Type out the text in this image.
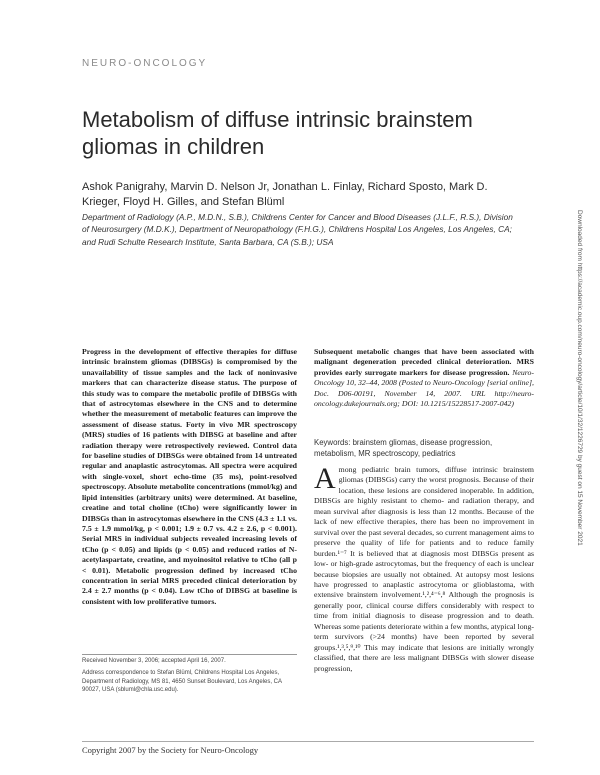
NEURO-ONCOLOGY
Metabolism of diffuse intrinsic brainstem gliomas in children
Ashok Panigrahy, Marvin D. Nelson Jr, Jonathan L. Finlay, Richard Sposto, Mark D. Krieger, Floyd H. Gilles, and Stefan Blüml
Department of Radiology (A.P., M.D.N., S.B.), Childrens Center for Cancer and Blood Diseases (J.L.F., R.S.), Division of Neurosurgery (M.D.K.), Department of Neuropathology (F.H.G.), Childrens Hospital Los Angeles, Los Angeles, CA; and Rudi Schulte Research Institute, Santa Barbara, CA (S.B.); USA	Downloaded from https://academic.oup.com/neuro-oncology/article/10/1/32/1226729 by guest on 15 November 2021
Progress in the development of effective therapies for diffuse intrinsic brainstem gliomas (DIBSGs) is compromised by the unavailability of tissue samples and the lack of noninvasive markers that can characterize disease status. The purpose of this study was to compare the metabolic profile of DIBSGs with that of astrocytomas elsewhere in the CNS and to determine whether the measurement of metabolic features can improve the assessment of disease status. Forty in vivo MR spectroscopy (MRS) studies of 16 patients with DIBSG at baseline and after radiation therapy were retrospectively reviewed. Control data for baseline studies of DIBSGs were obtained from 14 untreated regular and anaplastic astrocytomas. All spectra were acquired with single-voxel, short echo-time (35 ms), point-resolved spectroscopy. Absolute metabolite concentrations (mmol/kg) and lipid intensities (arbitrary units) were determined. At baseline, creatine and total choline (tCho) were significantly lower in DIBSGs than in astrocytomas elsewhere in the CNS (4.3 ± 1.1 vs. 7.5 ± 1.9 mmol/kg, p < 0.001; 1.9 ± 0.7 vs. 4.2 ± 2.6, p < 0.001). Serial MRS in individual subjects revealed increasing levels of tCho (p < 0.05) and lipids (p < 0.05) and reduced ratios of N-acetylaspartate, creatine, and myoinositol relative to tCho (all p < 0.01). Metabolic progression defined by increased tCho concentration in serial MRS preceded clinical deterioration by 2.4 ± 2.7 months (p < 0.04). Low tCho of DIBSG at baseline is consistent with low proliferative tumors.
Subsequent metabolic changes that have been associated with malignant degeneration preceded clinical deterioration. MRS provides early surrogate markers for disease progression. Neuro-Oncology 10, 32–44, 2008 (Posted to Neuro-Oncology [serial online], Doc. D06-00191, November 14, 2007. URL http://neuro-oncology.dukejournals.org; DOI: 10.1215/15228517-2007-042)
Keywords: brainstem gliomas, disease progression, metabolism, MR spectroscopy, pediatrics
Among pediatric brain tumors, diffuse intrinsic brainstem gliomas (DIBSGs) carry the worst prognosis. Because of their location, these lesions are considered inoperable. In addition, DIBSGs are highly resistant to chemo- and radiation therapy, and mean survival after diagnosis is less than 12 months. Because of the lack of new effective therapies, there has been no improvement in survival over the past several decades, so current management aims to preserve the quality of life for patients and to reduce family burden.¹⁻⁷ It is believed that at diagnosis most DIBSGs present as low- or high-grade astrocytomas, but the frequency of each is unclear because biopsies are usually not obtained. At autopsy most lesions have progressed to anaplastic astrocytoma or glioblastoma, with extensive brainstem involvement.¹,²,⁴⁻⁶,⁸ Although the prognosis is generally poor, clinical course differs considerably with respect to time from initial diagnosis to disease progression and to death. Whereas some patients deteriorate within a few months, atypical long-term survivors (>24 months) have been reported by several groups.¹,³,⁵,⁹,¹⁰ This may indicate that lesions are initially wrongly classified, that there are less malignant DIBSGs with slower disease progression,

Received November 3, 2006; accepted April 16, 2007.

Address correspondence to Stefan Blüml, Childrens Hospital Los Angeles, Department of Radiology, MS 81, 4650 Sunset Boulevard, Los Angeles, CA 90027, USA (sbluml@chla.usc.edu).

Copyright 2007 by the Society for Neuro-Oncology
